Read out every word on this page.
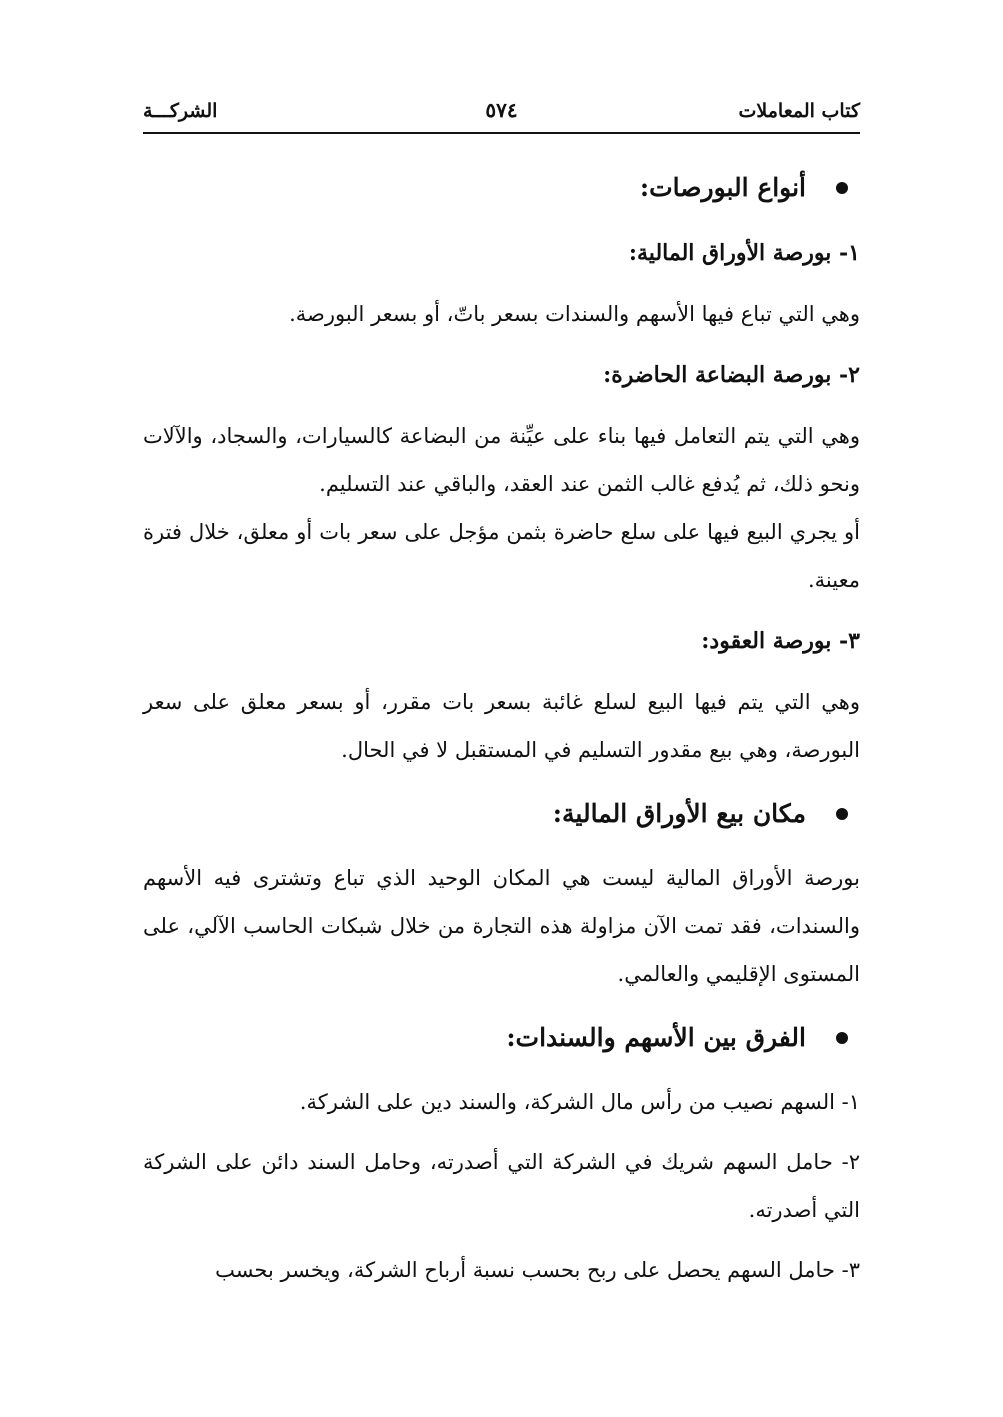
كتاب المعاملات
٥٧٤
الشركـــة
أنواع البورصات:
١- بورصة الأوراق المالية:

وهي التي تباع فيها الأسهم والسندات بسعر باتّ، أو بسعر البورصة.

٢- بورصة البضاعة الحاضرة:

وهي التي يتم التعامل فيها بناء على عيِّنة من البضاعة كالسيارات، والسجاد، والآلات ونحو ذلك، ثم يُدفع غالب الثمن عند العقد، والباقي عند التسليم.

أو يجري البيع فيها على سلع حاضرة بثمن مؤجل على سعر بات أو معلق، خلال فترة معينة.

٣- بورصة العقود:

وهي التي يتم فيها البيع لسلع غائبة بسعر بات مقرر، أو بسعر معلق على سعر البورصة، وهي بيع مقدور التسليم في المستقبل لا في الحال.

مكان بيع الأوراق المالية:

بورصة الأوراق المالية ليست هي المكان الوحيد الذي تباع وتشترى فيه الأسهم والسندات، فقد تمت الآن مزاولة هذه التجارة من خلال شبكات الحاسب الآلي، على المستوى الإقليمي والعالمي.

الفرق بين الأسهم والسندات:

١- السهم نصيب من رأس مال الشركة، والسند دين على الشركة.

٢- حامل السهم شريك في الشركة التي أصدرته، وحامل السند دائن على الشركة التي أصدرته.

٣- حامل السهم يحصل على ربح بحسب نسبة أرباح الشركة، ويخسر بحسب
